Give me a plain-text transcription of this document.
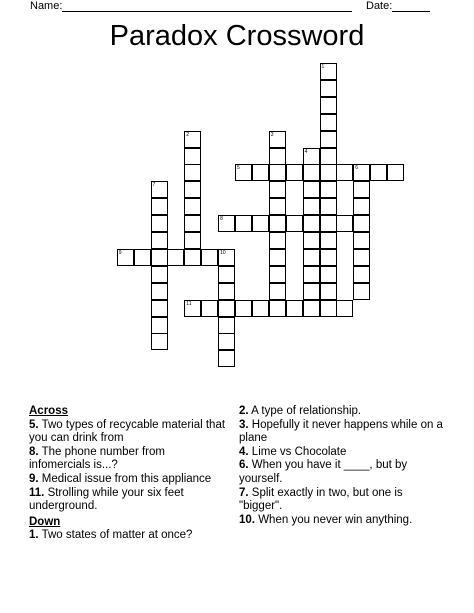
Name:	Date:
Paradox Crossword
1
2	3
4
5	6
7
8
9	10
11
Across
5. Two types of recycable material that you can drink from
8. The phone number from infomercials is...?
9. Medical issue from this appliance
11. Strolling while your six feet underground.
Down
1. Two states of matter at once?
2. A type of relationship.
3. Hopefully it never happens while on a plane
4. Lime vs Chocolate
6. When you have it ____, but by yourself.
7. Split exactly in two, but one is "bigger".
10. When you never win anything.
